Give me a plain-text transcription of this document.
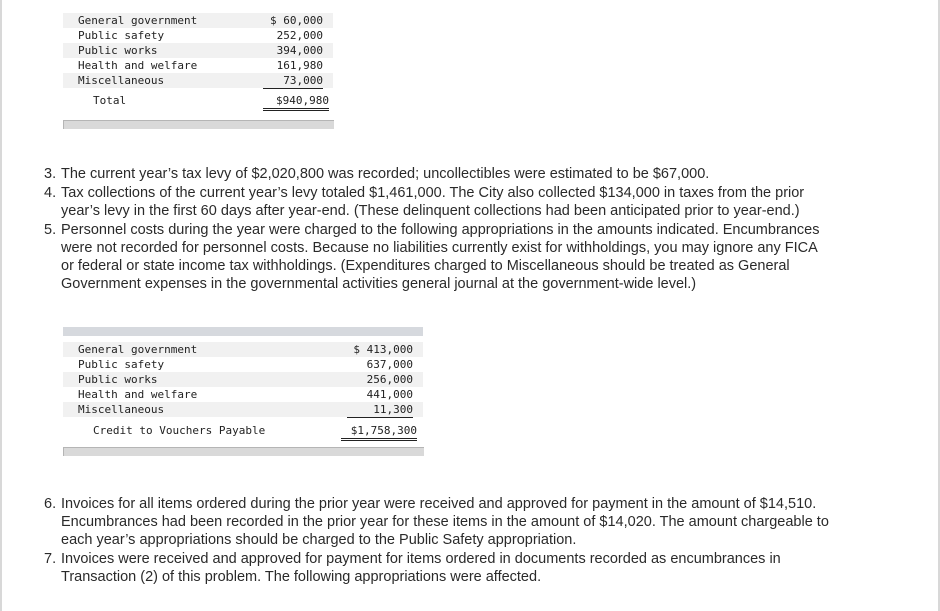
General government	$ 60,000
Public safety	252,000
Public works	394,000
Health and welfare	161,980
Miscellaneous	73,000
Total	$940,980
3. The current year’s tax levy of $2,020,800 was recorded; uncollectibles were estimated to be $67,000.
4. Tax collections of the current year’s levy totaled $1,461,000. The City also collected $134,000 in taxes from the prior
year’s levy in the first 60 days after year-end. (These delinquent collections had been anticipated prior to year-end.)
5. Personnel costs during the year were charged to the following appropriations in the amounts indicated. Encumbrances
were not recorded for personnel costs. Because no liabilities currently exist for withholdings, you may ignore any FICA
or federal or state income tax withholdings. (Expenditures charged to Miscellaneous should be treated as General
Government expenses in the governmental activities general journal at the government-wide level.)
General government	$ 413,000
Public safety	637,000
Public works	256,000
Health and welfare	441,000
Miscellaneous	11,300
Credit to Vouchers Payable	$1,758,300
6. Invoices for all items ordered during the prior year were received and approved for payment in the amount of $14,510.
Encumbrances had been recorded in the prior year for these items in the amount of $14,020. The amount chargeable to
each year’s appropriations should be charged to the Public Safety appropriation.
7. Invoices were received and approved for payment for items ordered in documents recorded as encumbrances in
Transaction (2) of this problem. The following appropriations were affected.
